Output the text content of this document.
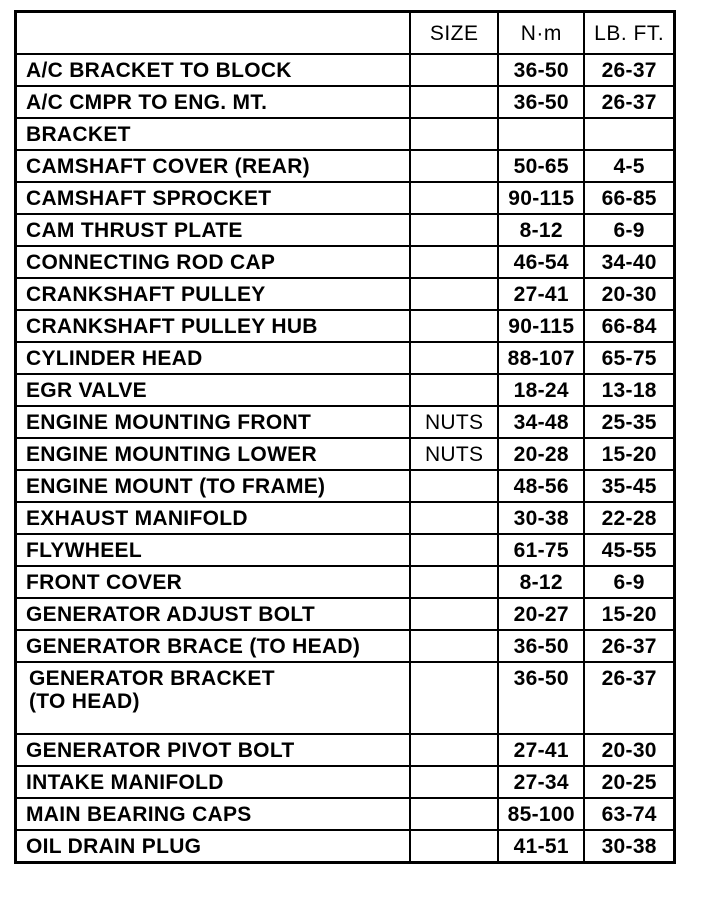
	SIZE	N·m	LB. FT.
A/C BRACKET TO BLOCK		36-50	26-37
A/C CMPR TO ENG. MT.		36-50	26-37
BRACKET			
CAMSHAFT COVER (REAR)		50-65	4-5
CAMSHAFT SPROCKET		90-115	66-85
CAM THRUST PLATE		8-12	6-9
CONNECTING ROD CAP		46-54	34-40
CRANKSHAFT PULLEY		27-41	20-30
CRANKSHAFT PULLEY HUB		90-115	66-84
CYLINDER HEAD		88-107	65-75
EGR VALVE		18-24	13-18
ENGINE MOUNTING FRONT	NUTS	34-48	25-35
ENGINE MOUNTING LOWER	NUTS	20-28	15-20
ENGINE MOUNT (TO FRAME)		48-56	35-45
EXHAUST MANIFOLD		30-38	22-28
FLYWHEEL		61-75	45-55
FRONT COVER		8-12	6-9
GENERATOR ADJUST BOLT		20-27	15-20
GENERATOR BRACE (TO HEAD)		36-50	26-37

GENERATOR BRACKET
(TO HEAD)		36-50	26-37
GENERATOR PIVOT BOLT		27-41	20-30
INTAKE MANIFOLD		27-34	20-25
MAIN BEARING CAPS		85-100	63-74
OIL DRAIN PLUG		41-51	30-38
